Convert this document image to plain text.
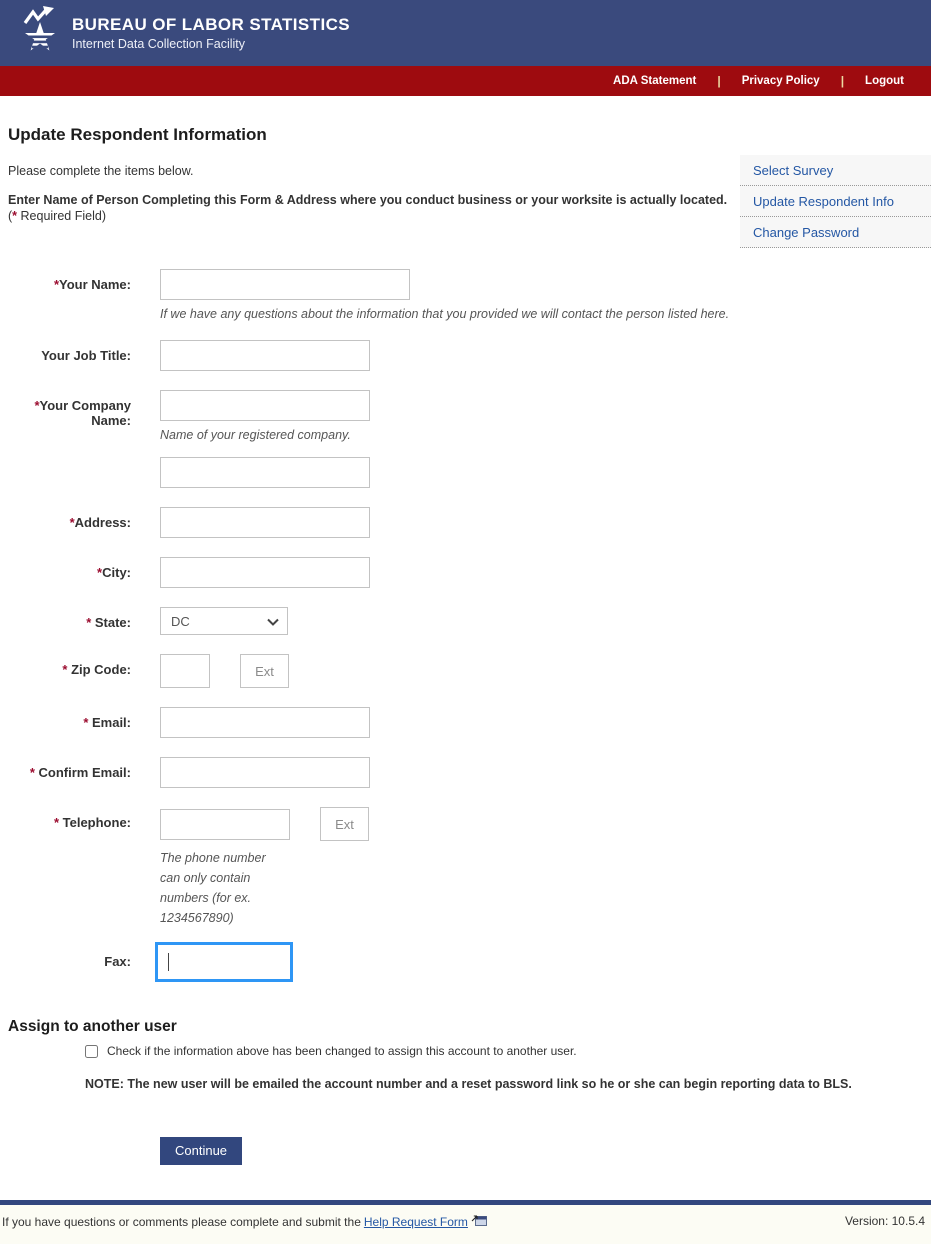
BUREAU OF LABOR STATISTICS
Internet Data Collection Facility
ADA Statement | Privacy Policy | Logout
Select Survey
Update Respondent Info
Change Password
Update Respondent Information
Please complete the items below.
Enter Name of Person Completing this Form & Address where you conduct business or your worksite is actually located.
(* Required Field)
*Your Name:
If we have any questions about the information that you provided we will contact the person listed here.
Your Job Title:
*Your Company Name:
Name of your registered company.
*Address:
*City:
* State:	DC
* Zip Code:
Ext
* Email:
* Confirm Email:
* Telephone:
Ext
The phone number can only contain numbers (for ex. 1234567890)
Fax:
Assign to another user
Check if the information above has been changed to assign this account to another user.
NOTE: The new user will be emailed the account number and a reset password link so he or she can begin reporting data to BLS.
Continue
If you have questions or comments please complete and submit the Help Request Form	Version: 10.5.4
